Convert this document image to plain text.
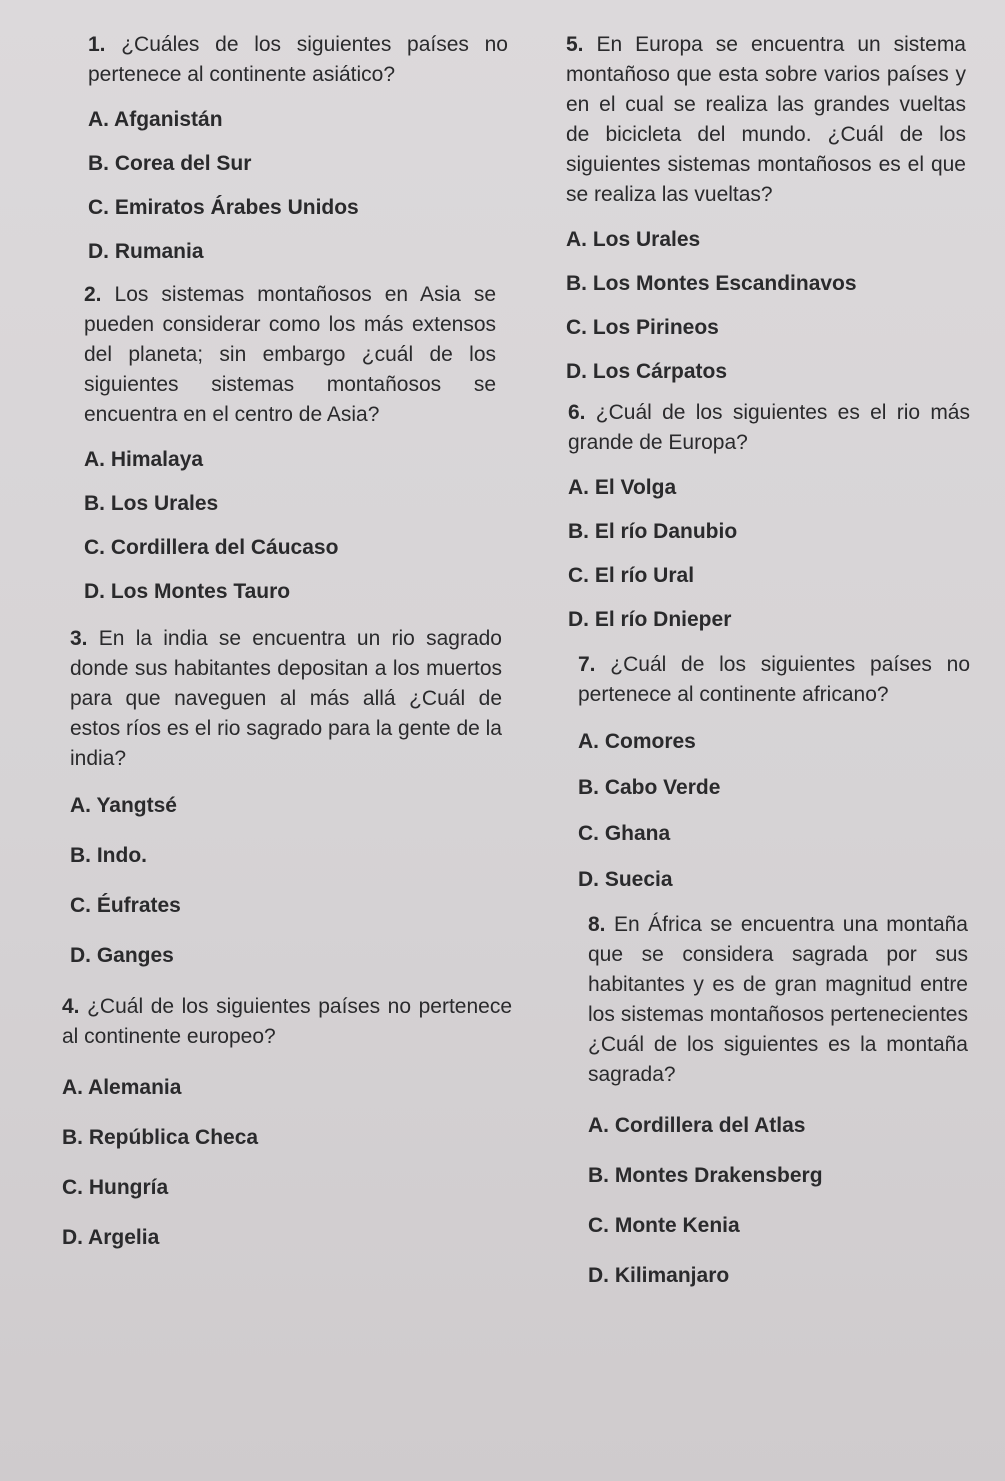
1. ¿Cuáles de los siguientes países no pertenece al continente asiático?
A. Afganistán
B. Corea del Sur
C. Emiratos Árabes Unidos
D. Rumania
2. Los sistemas montañosos en Asia se pueden considerar como los más extensos del planeta; sin embargo ¿cuál de los siguientes sistemas montañosos se encuentra en el centro de Asia?
A. Himalaya
B. Los Urales
C. Cordillera del Cáucaso
D. Los Montes Tauro
3. En la india se encuentra un rio sagrado donde sus habitantes depositan a los muertos para que naveguen al más allá ¿Cuál de estos ríos es el rio sagrado para la gente de la india?
A. Yangtsé
B. Indo.
C. Éufrates
D. Ganges
4. ¿Cuál de los siguientes países no pertenece al continente europeo?
A. Alemania
B. República Checa
C. Hungría
D. Argelia
5. En Europa se encuentra un sistema montañoso que esta sobre varios países y en el cual se realiza las grandes vueltas de bicicleta del mundo. ¿Cuál de los siguientes sistemas montañosos es el que se realiza las vueltas?
A. Los Urales
B. Los Montes Escandinavos
C. Los Pirineos
D. Los Cárpatos
6. ¿Cuál de los siguientes es el rio más grande de Europa?
A. El Volga
B. El río Danubio
C. El río Ural
D. El río Dnieper
7. ¿Cuál de los siguientes países no pertenece al continente africano?
A. Comores
B. Cabo Verde
C. Ghana
D. Suecia
8. En África se encuentra una montaña que se considera sagrada por sus habitantes y es de gran magnitud entre los sistemas montañosos pertenecientes ¿Cuál de los siguientes es la montaña sagrada?
A. Cordillera del Atlas
B. Montes Drakensberg
C. Monte Kenia
D. Kilimanjaro
